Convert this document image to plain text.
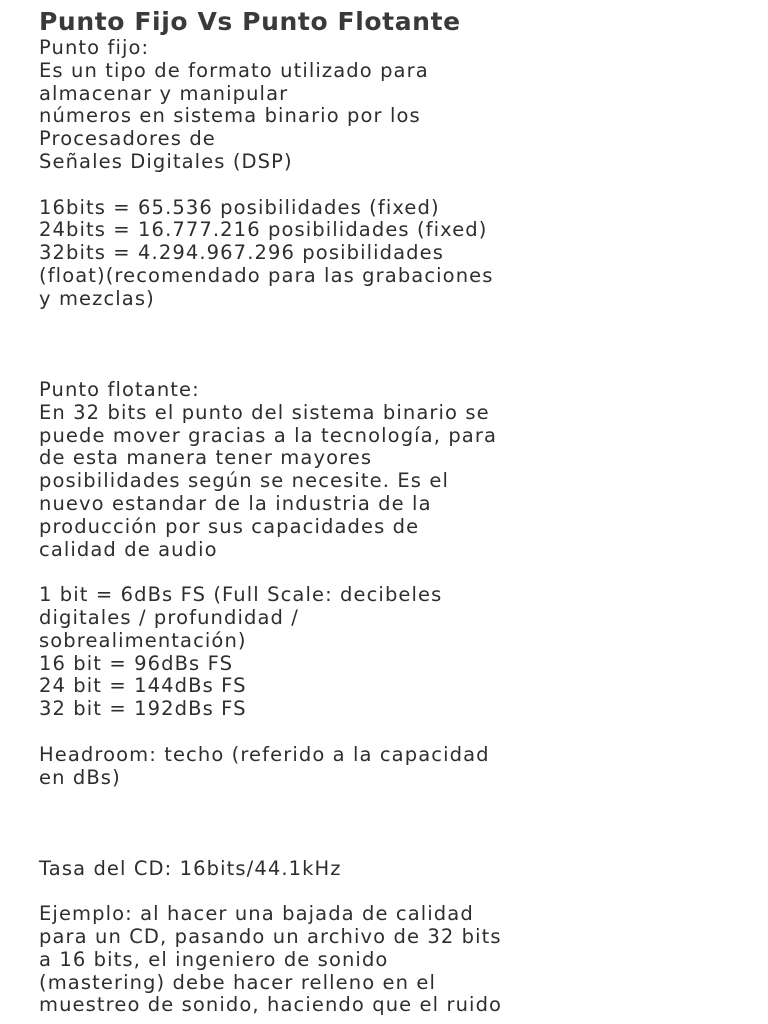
Punto Fijo Vs Punto Flotante
Punto fijo:
Es un tipo de formato utilizado para
almacenar y manipular
números en sistema binario por los
Procesadores de
Señales Digitales (DSP)
16bits = 65.536 posibilidades (fixed)
24bits = 16.777.216 posibilidades (fixed)
32bits = 4.294.967.296 posibilidades
(float)(recomendado para las grabaciones
y mezclas)
Punto flotante:
En 32 bits el punto del sistema binario se
puede mover gracias a la tecnología, para
de esta manera tener mayores
posibilidades según se necesite. Es el
nuevo estandar de la industria de la
producción por sus capacidades de
calidad de audio
1 bit = 6dBs FS (Full Scale: decibeles
digitales / profundidad /
sobrealimentación)
16 bit = 96dBs FS
24 bit = 144dBs FS
32 bit = 192dBs FS
Headroom: techo (referido a la capacidad
en dBs)
Tasa del CD: 16bits/44.1kHz
Ejemplo: al hacer una bajada de calidad
para un CD, pasando un archivo de 32 bits
a 16 bits, el ingeniero de sonido
(mastering) debe hacer relleno en el
muestreo de sonido, haciendo que el ruido
